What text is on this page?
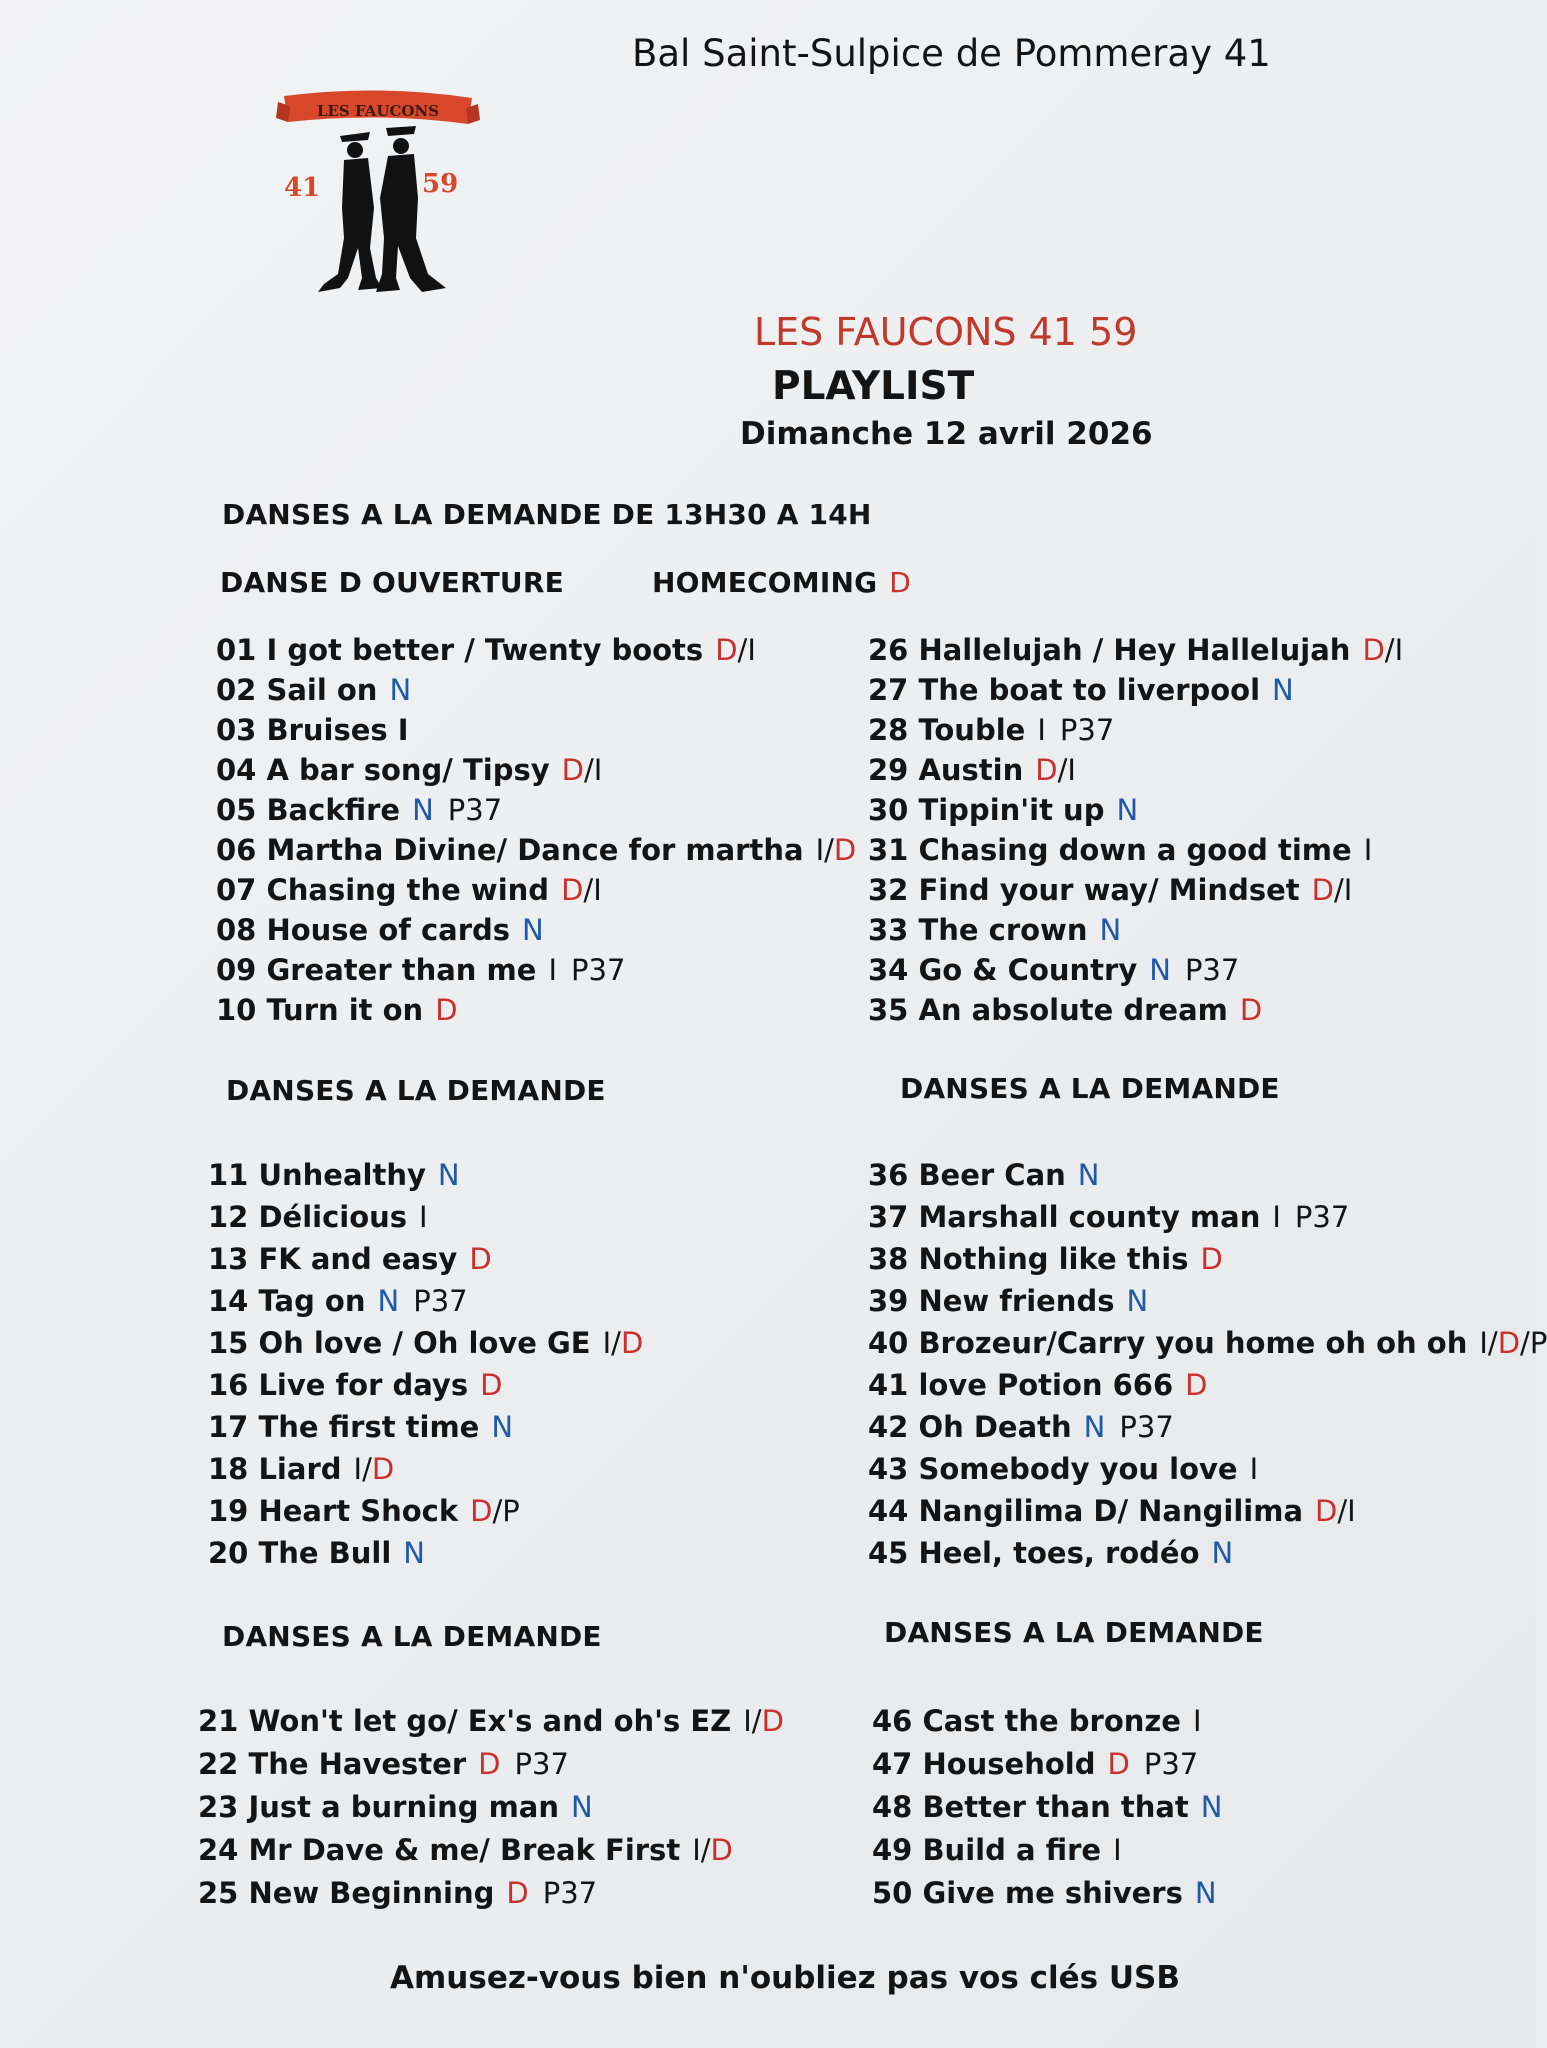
Bal Saint-Sulpice de Pommeray 41
LES FAUCONS
41	59
LES FAUCONS 41 59
PLAYLIST
Dimanche 12 avril 2026
DANSES A LA DEMANDE DE 13H30 A 14H
DANSE D OUVERTURE	HOMECOMING D
01 I got better / Twenty boots D/I
02 Sail on N
03 Bruises I
04 A bar song/ Tipsy D/I
05 Backfire N P37
06 Martha Divine/ Dance for martha I/D
07 Chasing the wind D/I
08 House of cards N
09 Greater than me I P37
10 Turn it on D
26 Hallelujah / Hey Hallelujah D/I
27 The boat to liverpool N
28 Touble I P37
29 Austin D/I
30 Tippin'it up N
31 Chasing down a good time I
32 Find your way/ Mindset D/I
33 The crown N
34 Go & Country N P37
35 An absolute dream D
DANSES A LA DEMANDE	DANSES A LA DEMANDE
11 Unhealthy N
12 Délicious I
13 FK and easy D
14 Tag on N P37
15 Oh love / Oh love GE I/D
16 Live for days D
17 The first time N
18 Liard I/D
19 Heart Shock D/P
20 The Bull N
36 Beer Can N
37 Marshall county man I P37
38 Nothing like this D
39 New friends N
40 Brozeur/Carry you home oh oh oh I/D/P
41 love Potion 666 D
42 Oh Death N P37
43 Somebody you love I
44 Nangilima D/ Nangilima D/I
45 Heel, toes, rodéo N
DANSES A LA DEMANDE	DANSES A LA DEMANDE
21 Won't let go/ Ex's and oh's EZ I/D
22 The Havester D P37
23 Just a burning man N
24 Mr Dave & me/ Break First I/D
25 New Beginning D P37
46 Cast the bronze I
47 Household D P37
48 Better than that N
49 Build a fire I
50 Give me shivers N
Amusez-vous bien n'oubliez pas vos clés USB
